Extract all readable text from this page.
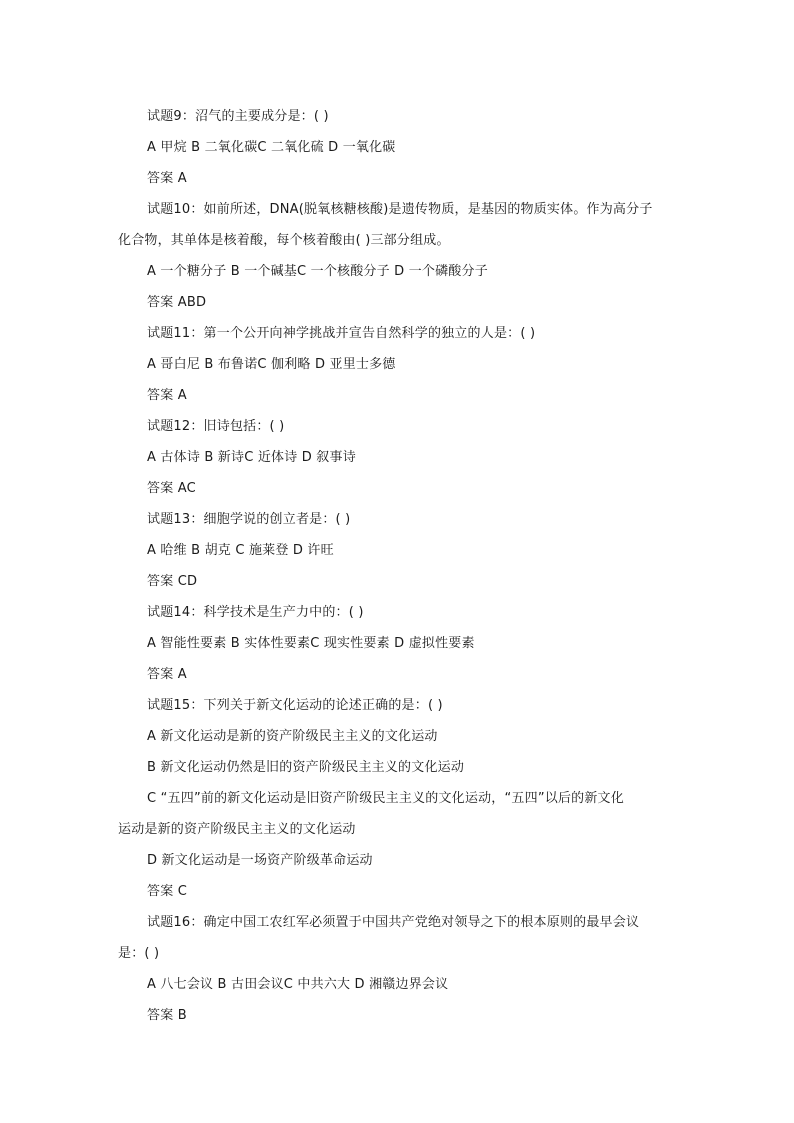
试题9：沼气的主要成分是：( )
A 甲烷 B 二氧化碳C 二氧化硫 D 一氧化碳
答案 A
试题10：如前所述，DNA(脱氧核糖核酸)是遗传物质，是基因的物质实体。作为高分子
化合物，其单体是核着酸，每个核着酸由( )三部分组成。
A 一个糖分子 B 一个碱基C 一个核酸分子 D 一个磷酸分子
答案 ABD
试题11：第一个公开向神学挑战并宣告自然科学的独立的人是：( )
A 哥白尼 B 布鲁诺C 伽利略 D 亚里士多德
答案 A
试题12：旧诗包括：( )
A 古体诗 B 新诗C 近体诗 D 叙事诗
答案 AC
试题13：细胞学说的创立者是：( )
A 哈维 B 胡克 C 施莱登 D 许旺
答案 CD
试题14：科学技术是生产力中的：( )
A 智能性要素 B 实体性要素C 现实性要素 D 虚拟性要素
答案 A
试题15：下列关于新文化运动的论述正确的是：( )
A 新文化运动是新的资产阶级民主主义的文化运动
B 新文化运动仍然是旧的资产阶级民主主义的文化运动
C “五四”前的新文化运动是旧资产阶级民主主义的文化运动，“五四”以后的新文化
运动是新的资产阶级民主主义的文化运动
D 新文化运动是一场资产阶级革命运动
答案 C
试题16：确定中国工农红军必须置于中国共产党绝对领导之下的根本原则的最早会议
是：( )
A 八七会议 B 古田会议C 中共六大 D 湘赣边界会议
答案 B
